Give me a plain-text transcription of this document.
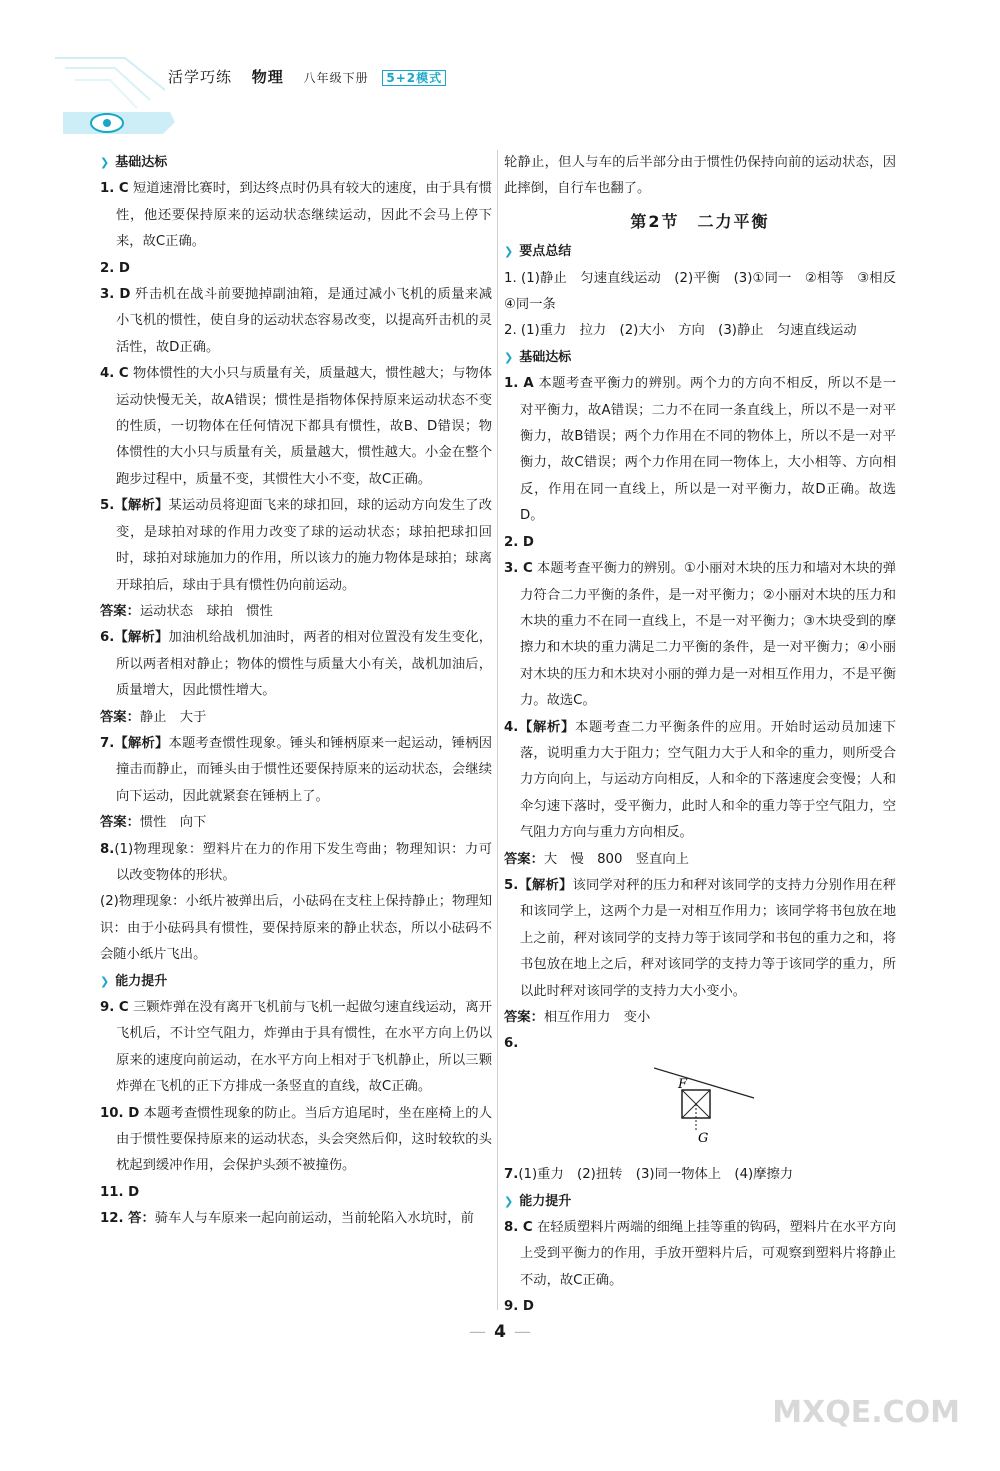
活学巧练 物理 八年级下册 5+2模式
❯ 基础达标

1. C 短道速滑比赛时，到达终点时仍具有较大的速度，由于具有惯性，他还要保持原来的运动状态继续运动，因此不会马上停下来，故C正确。

2. D

3. D 歼击机在战斗前要抛掉副油箱，是通过减小飞机的质量来减小飞机的惯性，使自身的运动状态容易改变，以提高歼击机的灵活性，故D正确。

4. C 物体惯性的大小只与质量有关，质量越大，惯性越大；与物体运动快慢无关，故A错误；惯性是指物体保持原来运动状态不变的性质，一切物体在任何情况下都具有惯性，故B、D错误；物体惯性的大小只与质量有关，质量越大，惯性越大。小金在整个跑步过程中，质量不变，其惯性大小不变，故C正确。

5.【解析】某运动员将迎面飞来的球扣回，球的运动方向发生了改变，是球拍对球的作用力改变了球的运动状态；球拍把球扣回时，球拍对球施加力的作用，所以该力的施力物体是球拍；球离开球拍后，球由于具有惯性仍向前运动。

答案：运动状态　球拍　惯性

6.【解析】加油机给战机加油时，两者的相对位置没有发生变化，所以两者相对静止；物体的惯性与质量大小有关，战机加油后，质量增大，因此惯性增大。

答案：静止　大于

7.【解析】本题考查惯性现象。锤头和锤柄原来一起运动，锤柄因撞击而静止，而锤头由于惯性还要保持原来的运动状态，会继续向下运动，因此就紧套在锤柄上了。

答案：惯性　向下

8.(1)物理现象：塑料片在力的作用下发生弯曲；物理知识：力可以改变物体的形状。

(2)物理现象：小纸片被弹出后，小砝码在支柱上保持静止；物理知识：由于小砝码具有惯性，要保持原来的静止状态，所以小砝码不会随小纸片飞出。

❯ 能力提升

9. C 三颗炸弹在没有离开飞机前与飞机一起做匀速直线运动，离开飞机后，不计空气阻力，炸弹由于具有惯性，在水平方向上仍以原来的速度向前运动，在水平方向上相对于飞机静止，所以三颗炸弹在飞机的正下方排成一条竖直的直线，故C正确。

10. D 本题考查惯性现象的防止。当后方追尾时，坐在座椅上的人由于惯性要保持原来的运动状态，头会突然后仰，这时较软的头枕起到缓冲作用，会保护头颈不被撞伤。

11. D

12. 答：骑车人与车原来一起向前运动，当前轮陷入水坑时，前

轮静止，但人与车的后半部分由于惯性仍保持向前的运动状态，因此摔倒，自行车也翻了。

第2节　二力平衡
❯ 要点总结

1. (1)静止　匀速直线运动　(2)平衡　(3)①同一　②相等　③相反　④同一条

2. (1)重力　拉力　(2)大小　方向　(3)静止　匀速直线运动

❯ 基础达标

1. A 本题考查平衡力的辨别。两个力的方向不相反，所以不是一对平衡力，故A错误；二力不在同一条直线上，所以不是一对平衡力，故B错误；两个力作用在不同的物体上，所以不是一对平衡力，故C错误；两个力作用在同一物体上，大小相等、方向相反，作用在同一直线上，所以是一对平衡力，故D正确。故选D。

2. D

3. C 本题考查平衡力的辨别。①小丽对木块的压力和墙对木块的弹力符合二力平衡的条件，是一对平衡力；②小丽对木块的压力和木块的重力不在同一直线上，不是一对平衡力；③木块受到的摩擦力和木块的重力满足二力平衡的条件，是一对平衡力；④小丽对木块的压力和木块对小丽的弹力是一对相互作用力，不是平衡力。故选C。

4.【解析】本题考查二力平衡条件的应用。开始时运动员加速下落，说明重力大于阻力；空气阻力大于人和伞的重力，则所受合力方向向上，与运动方向相反，人和伞的下落速度会变慢；人和伞匀速下落时，受平衡力，此时人和伞的重力等于空气阻力，空气阻力方向与重力方向相反。

答案：大　慢　800　竖直向上

5.【解析】该同学对秤的压力和秤对该同学的支持力分别作用在秤和该同学上，这两个力是一对相互作用力；该同学将书包放在地上之前，秤对该同学的支持力等于该同学和书包的重力之和，将书包放在地上之后，秤对该同学的支持力等于该同学的重力，所以此时秤对该同学的支持力大小变小。

答案：相互作用力　变小

6.

F
G

7.(1)重力　(2)扭转　(3)同一物体上　(4)摩擦力

❯ 能力提升

8. C 在轻质塑料片两端的细绳上挂等重的钩码，塑料片在水平方向上受到平衡力的作用，手放开塑料片后，可观察到塑料片将静止不动，故C正确。

9. D

— 4 —
MXQE.COM
